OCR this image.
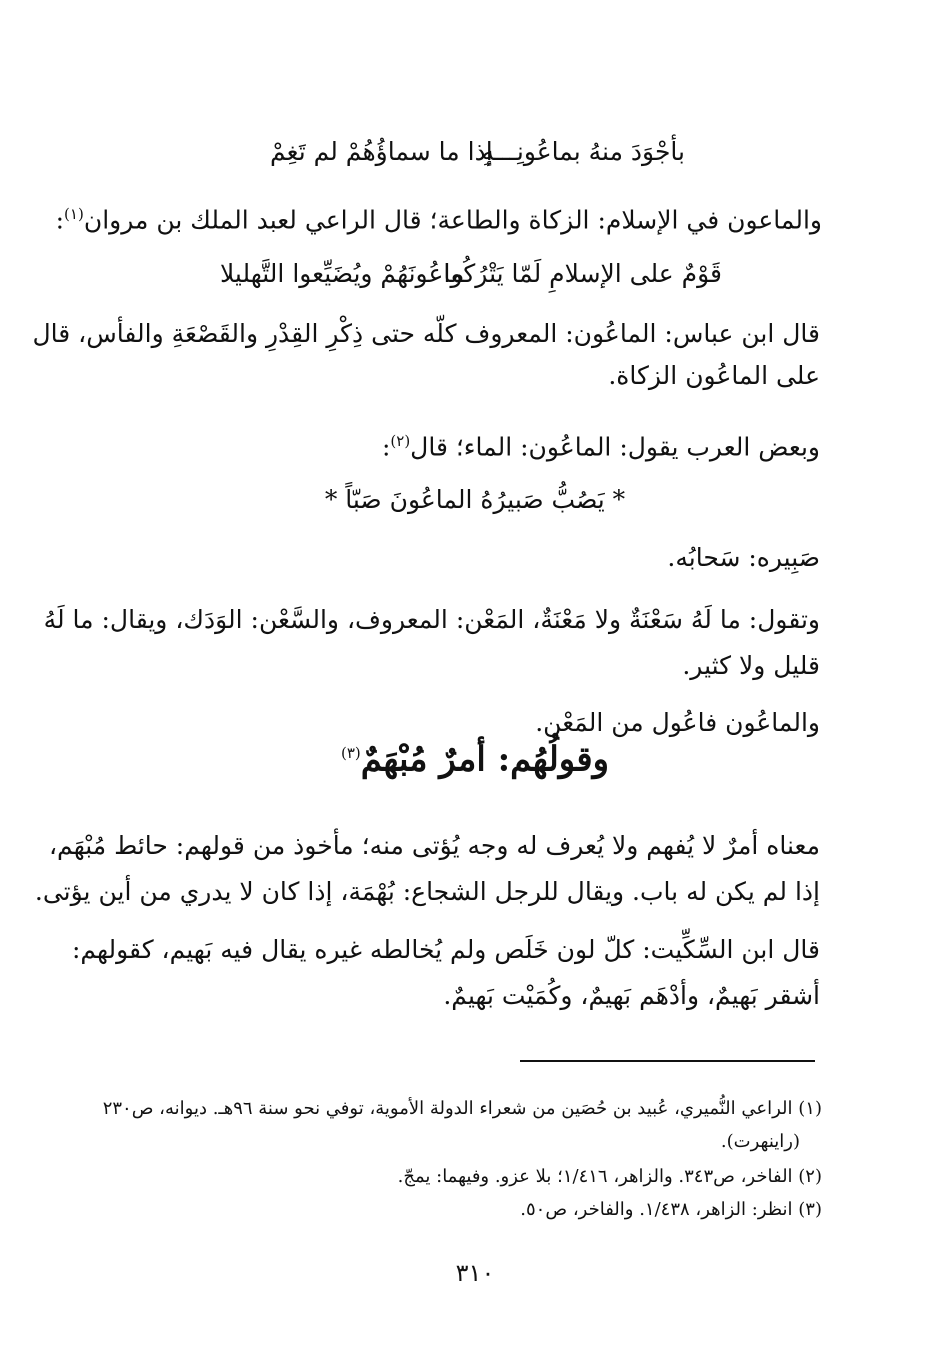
بأجْوَدَ منهُ بماعُونِـــهِ
إذا ما سماؤُهُمْ لم تَغِمْ
والماعون في الإسلام: الزكاة والطاعة؛ قال الراعي لعبد الملك بن مروان$^{(١)}$:
قَوْمٌ على الإسلامِ لَمّا يَتْرُكُوا
ماعُونَهُمْ ويُضَيِّعوا التَّهليلا
قال ابن عباس: الماعُون: المعروف كلّه حتى ذِكْرِ القِدْرِ والقَصْعَةِ والفأس، قال
على الماعُون الزكاة.
وبعض العرب يقول: الماعُون: الماء؛ قال$^{(٢)}$:
* يَصُبُّ صَبيرُهُ الماعُونَ صَبّاً *
صَبِيره: سَحابُه.
وتقول: ما لَهُ سَعْنَةٌ ولا مَعْنَةٌ، المَعْن: المعروف، والسَّعْن: الوَدَك، ويقال: ما لَهُ
قليل ولا كثير.
والماعُون فاعُول من المَعْن.
وقولُهُم: أمرٌ مُبْهَمٌ$^{(٣)}$
معناه أمرٌ لا يُفهم ولا يُعرف له وجه يُؤتى منه؛ مأخوذ من قولهم: حائط مُبْهَم،
إذا لم يكن له باب. ويقال للرجل الشجاع: بُهْمَة، إذا كان لا يدري من أين يؤتى.
قال ابن السِّكِّيت: كلّ لون خَلَص ولم يُخالطه غيره يقال فيه بَهيم، كقولهم:
أشقر بَهيمٌ، وأدْهَم بَهيمٌ، وكُمَيْت بَهيمٌ.
(١) الراعي النُّميري، عُبيد بن حُصَين من شعراء الدولة الأموية، توفي نحو سنة ٩٦هـ. ديوانه، ص٢٣٠
(راينهرت).
(٢) الفاخر، ص٣٤٣. والزاهر، ١/٤١٦؛ بلا عزو. وفيهما: يمجّ.
(٣) انظر: الزاهر، ١/٤٣٨. والفاخر، ص٥٠.
٣١٠
